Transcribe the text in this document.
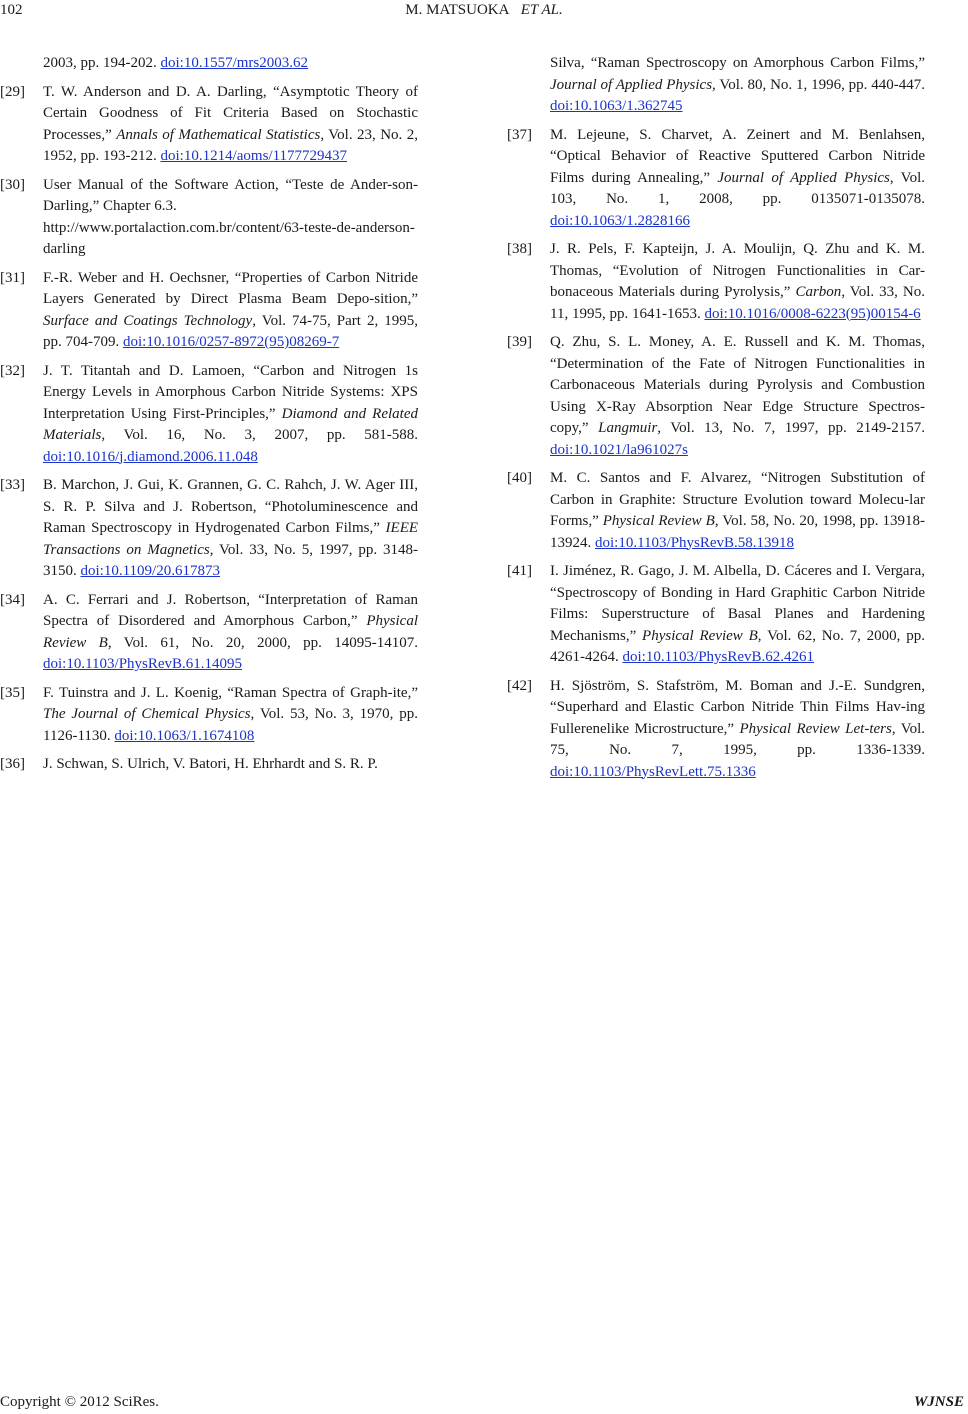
102	M. MATSUOKA ET AL.
2003, pp. 194-202. doi:10.1557/mrs2003.62
[29] T. W. Anderson and D. A. Darling, “Asymptotic Theory of Certain Goodness of Fit Criteria Based on Stochastic Processes,” Annals of Mathematical Statistics, Vol. 23, No. 2, 1952, pp. 193-212. doi:10.1214/aoms/1177729437
[30] User Manual of the Software Action, “Teste de Ander-son-Darling,” Chapter 6.3.
http://www.portalaction.com.br/content/63-teste-de-anderson-darling
[31] F.-R. Weber and H. Oechsner, “Properties of Carbon Nitride Layers Generated by Direct Plasma Beam Depo-sition,” Surface and Coatings Technology, Vol. 74-75, Part 2, 1995, pp. 704-709. doi:10.1016/0257-8972(95)08269-7
[32] J. T. Titantah and D. Lamoen, “Carbon and Nitrogen 1s Energy Levels in Amorphous Carbon Nitride Systems: XPS Interpretation Using First-Principles,” Diamond and Related Materials, Vol. 16, No. 3, 2007, pp. 581-588. doi:10.1016/j.diamond.2006.11.048
[33] B. Marchon, J. Gui, K. Grannen, G. C. Rahch, J. W. Ager III, S. R. P. Silva and J. Robertson, “Photoluminescence and Raman Spectroscopy in Hydrogenated Carbon Films,” IEEE Transactions on Magnetics, Vol. 33, No. 5, 1997, pp. 3148-3150. doi:10.1109/20.617873
[34] A. C. Ferrari and J. Robertson, “Interpretation of Raman Spectra of Disordered and Amorphous Carbon,” Physical Review B, Vol. 61, No. 20, 2000, pp. 14095-14107. doi:10.1103/PhysRevB.61.14095
[35] F. Tuinstra and J. L. Koenig, “Raman Spectra of Graph-ite,” The Journal of Chemical Physics, Vol. 53, No. 3, 1970, pp. 1126-1130. doi:10.1063/1.1674108
[36] J. Schwan, S. Ulrich, V. Batori, H. Ehrhardt and S. R. P.
Silva, “Raman Spectroscopy on Amorphous Carbon Films,” Journal of Applied Physics, Vol. 80, No. 1, 1996, pp. 440-447. doi:10.1063/1.362745
[37] M. Lejeune, S. Charvet, A. Zeinert and M. Benlahsen, “Optical Behavior of Reactive Sputtered Carbon Nitride Films during Annealing,” Journal of Applied Physics, Vol. 103, No. 1, 2008, pp. 0135071-0135078. doi:10.1063/1.2828166
[38] J. R. Pels, F. Kapteijn, J. A. Moulijn, Q. Zhu and K. M. Thomas, “Evolution of Nitrogen Functionalities in Car-bonaceous Materials during Pyrolysis,” Carbon, Vol. 33, No. 11, 1995, pp. 1641-1653. doi:10.1016/0008-6223(95)00154-6
[39] Q. Zhu, S. L. Money, A. E. Russell and K. M. Thomas, “Determination of the Fate of Nitrogen Functionalities in Carbonaceous Materials during Pyrolysis and Combustion Using X-Ray Absorption Near Edge Structure Spectros-copy,” Langmuir, Vol. 13, No. 7, 1997, pp. 2149-2157. doi:10.1021/la961027s
[40] M. C. Santos and F. Alvarez, “Nitrogen Substitution of Carbon in Graphite: Structure Evolution toward Molecu-lar Forms,” Physical Review B, Vol. 58, No. 20, 1998, pp. 13918-13924. doi:10.1103/PhysRevB.58.13918
[41] I. Jiménez, R. Gago, J. M. Albella, D. Cáceres and I. Vergara, “Spectroscopy of Bonding in Hard Graphitic Carbon Nitride Films: Superstructure of Basal Planes and Hardening Mechanisms,” Physical Review B, Vol. 62, No. 7, 2000, pp. 4261-4264. doi:10.1103/PhysRevB.62.4261
[42] H. Sjöström, S. Stafström, M. Boman and J.-E. Sundgren, “Superhard and Elastic Carbon Nitride Thin Films Hav-ing Fullerenelike Microstructure,” Physical Review Let-ters, Vol. 75, No. 7, 1995, pp. 1336-1339. doi:10.1103/PhysRevLett.75.1336
Copyright © 2012 SciRes.	WJNSE
